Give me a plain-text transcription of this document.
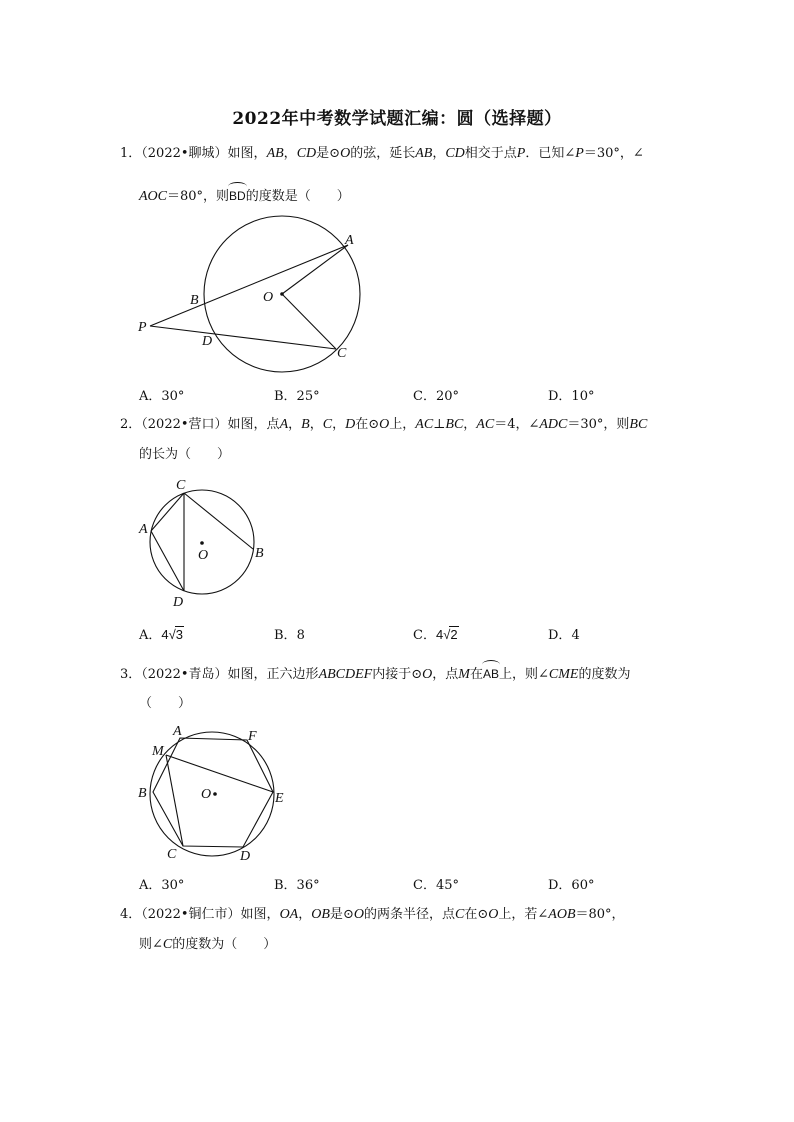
2022年中考数学试题汇编：圆（选择题）
1．（2022•聊城）如图，AB，CD是⊙O的弦，延长AB，CD相交于点P．已知∠P＝30°，∠
AOC＝80°，则BD的度数是（　　）
A
B
C
D
O
P
A．30°	B．25°	C．20°	D．10°
2．（2022•营口）如图，点A，B，C，D在⊙O上，AC⊥BC，AC＝4，∠ADC＝30°，则BC
的长为（　　）
A
B
C
D
O
A．4√3	B．8	C．4√2	D．4
3．（2022•青岛）如图，正六边形ABCDEF内接于⊙O，点M在AB上，则∠CME的度数为
（　　）
A
B
C	D
E
F
M
O
A．30°	B．36°	C．45°	D．60°
4．（2022•铜仁市）如图，OA，OB是⊙O的两条半径，点C在⊙O上，若∠AOB＝80°，
则∠C的度数为（　　）
